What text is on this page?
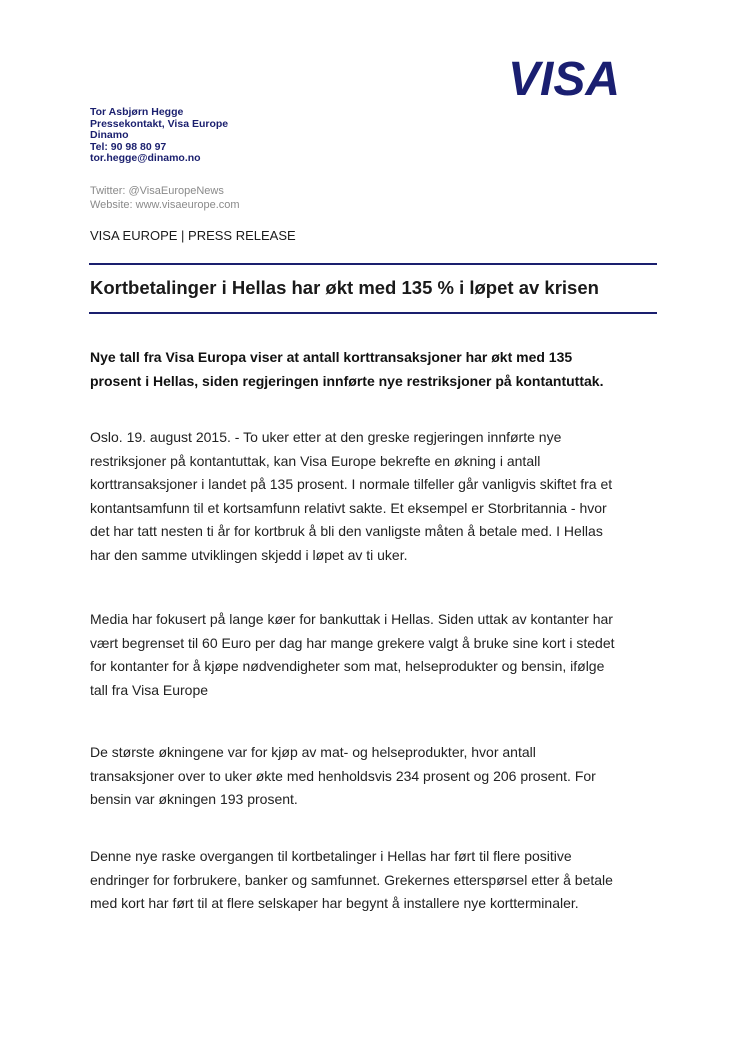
VISA
Tor Asbjørn Hegge
Pressekontakt, Visa Europe
Dinamo
Tel: 90 98 80 97
tor.hegge@dinamo.no
Twitter: @VisaEuropeNews
Website: www.visaeurope.com
VISA EUROPE | PRESS RELEASE
Kortbetalinger i Hellas har økt med 135 % i løpet av krisen
Nye tall fra Visa Europa viser at antall korttransaksjoner har økt med 135
prosent i Hellas, siden regjeringen innførte nye restriksjoner på kontantuttak.
Oslo. 19. august 2015. - To uker etter at den greske regjeringen innførte nye
restriksjoner på kontantuttak, kan Visa Europe bekrefte en økning i antall
korttransaksjoner i landet på 135 prosent. I normale tilfeller går vanligvis skiftet fra et
kontantsamfunn til et kortsamfunn relativt sakte. Et eksempel er Storbritannia - hvor
det har tatt nesten ti år for kortbruk å bli den vanligste måten å betale med. I Hellas
har den samme utviklingen skjedd i løpet av ti uker.
Media har fokusert på lange køer for bankuttak i Hellas. Siden uttak av kontanter har
vært begrenset til 60 Euro per dag har mange grekere valgt å bruke sine kort i stedet
for kontanter for å kjøpe nødvendigheter som mat, helseprodukter og bensin, ifølge
tall fra Visa Europe
De største økningene var for kjøp av mat- og helseprodukter, hvor antall
transaksjoner over to uker økte med henholdsvis 234 prosent og 206 prosent. For
bensin var økningen 193 prosent.
Denne nye raske overgangen til kortbetalinger i Hellas har ført til flere positive
endringer for forbrukere, banker og samfunnet. Grekernes etterspørsel etter å betale
med kort har ført til at flere selskaper har begynt å installere nye kortterminaler.
